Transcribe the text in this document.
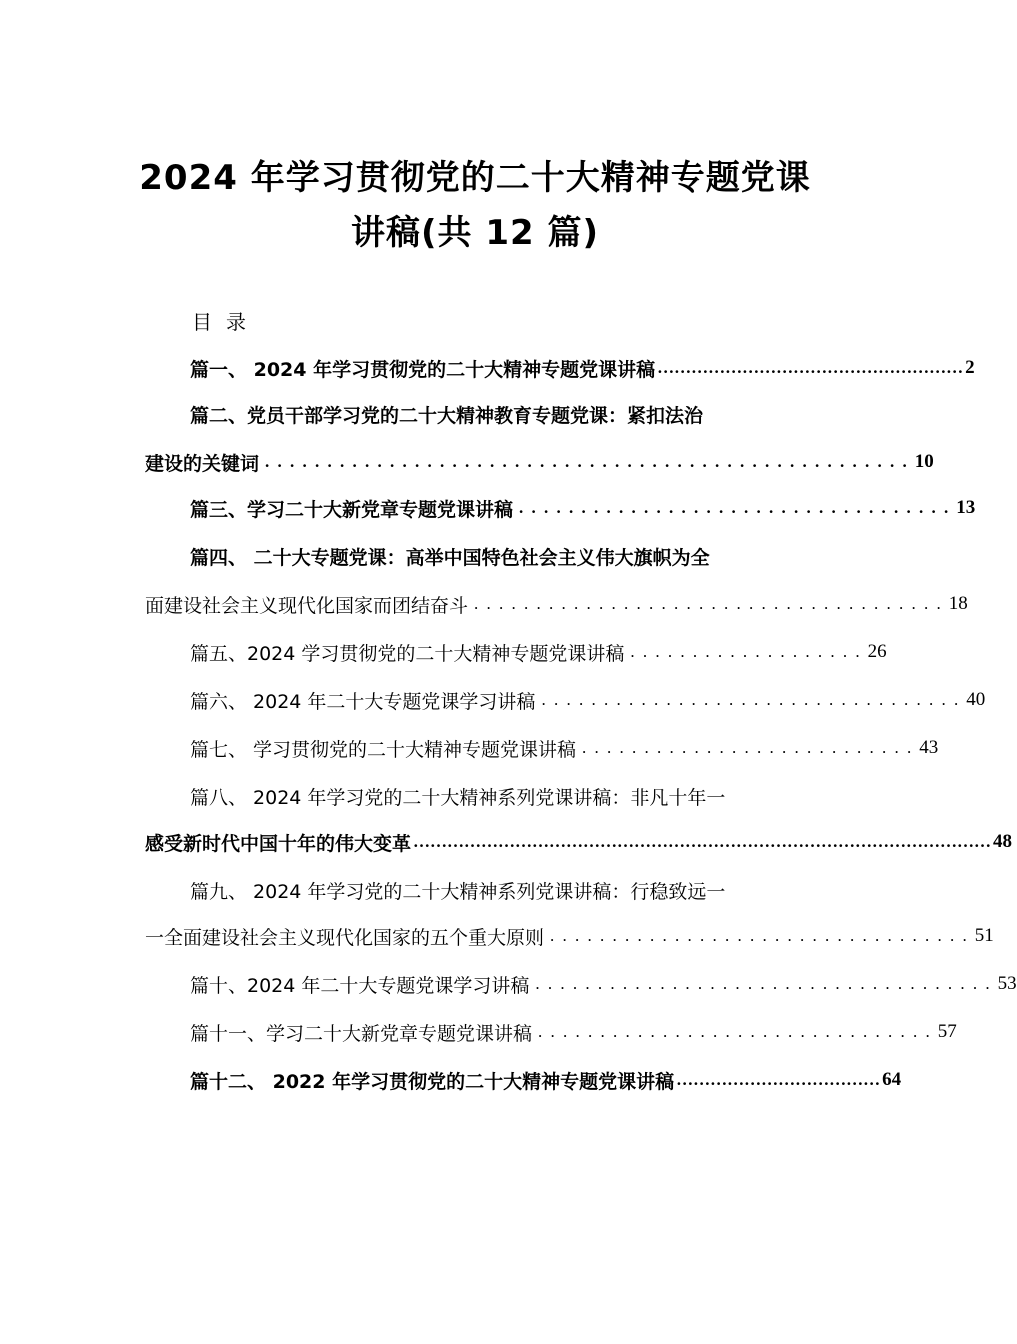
2024 年学习贯彻党的二十大精神专题党课
讲稿(共 12 篇)
目录
篇一、 2024 年学习贯彻党的二十大精神专题党课讲稿 ……………………………………………… 2
篇二、党员干部学习党的二十大精神教育专题党课：紧扣法治
建设的关键词 . . . . . . . . . . . . . . . . . . . . . . . . . . . . . . . . . . . . . . . . . . . . . . . . . . . . 10
篇三、学习二十大新党章专题党课讲稿 . . . . . . . . . . . . . . . . . . . . . . . . . . . . . . . . . . . 13
篇四、 二十大专题党课：高举中国特色社会主义伟大旗帜为全
面建设社会主义现代化国家而团结奋斗 . . . . . . . . . . . . . . . . . . . . . . . . . . . . . . . . . . . . . . 18
篇五、2024 学习贯彻党的二十大精神专题党课讲稿 . . . . . . . . . . . . . . . . . . . 26
篇六、 2024 年二十大专题党课学习讲稿 . . . . . . . . . . . . . . . . . . . . . . . . . . . . . . . . . . 40
篇七、 学习贯彻党的二十大精神专题党课讲稿 . . . . . . . . . . . . . . . . . . . . . . . . . . . 43
篇八、 2024 年学习党的二十大精神系列党课讲稿：非凡十年一
感受新时代中国十年的伟大变革 ………………………………………………………………………………………… 48
篇九、 2024 年学习党的二十大精神系列党课讲稿：行稳致远一
一全面建设社会主义现代化国家的五个重大原则 . . . . . . . . . . . . . . . . . . . . . . . . . . . . . . . . . . 51
篇十、2024 年二十大专题党课学习讲稿 . . . . . . . . . . . . . . . . . . . . . . . . . . . . . . . . . . . . . 53
篇十一、学习二十大新党章专题党课讲稿 . . . . . . . . . . . . . . . . . . . . . . . . . . . . . . . . 57
篇十二、 2022 年学习贯彻党的二十大精神专题党课讲稿 ……………………………… 64
